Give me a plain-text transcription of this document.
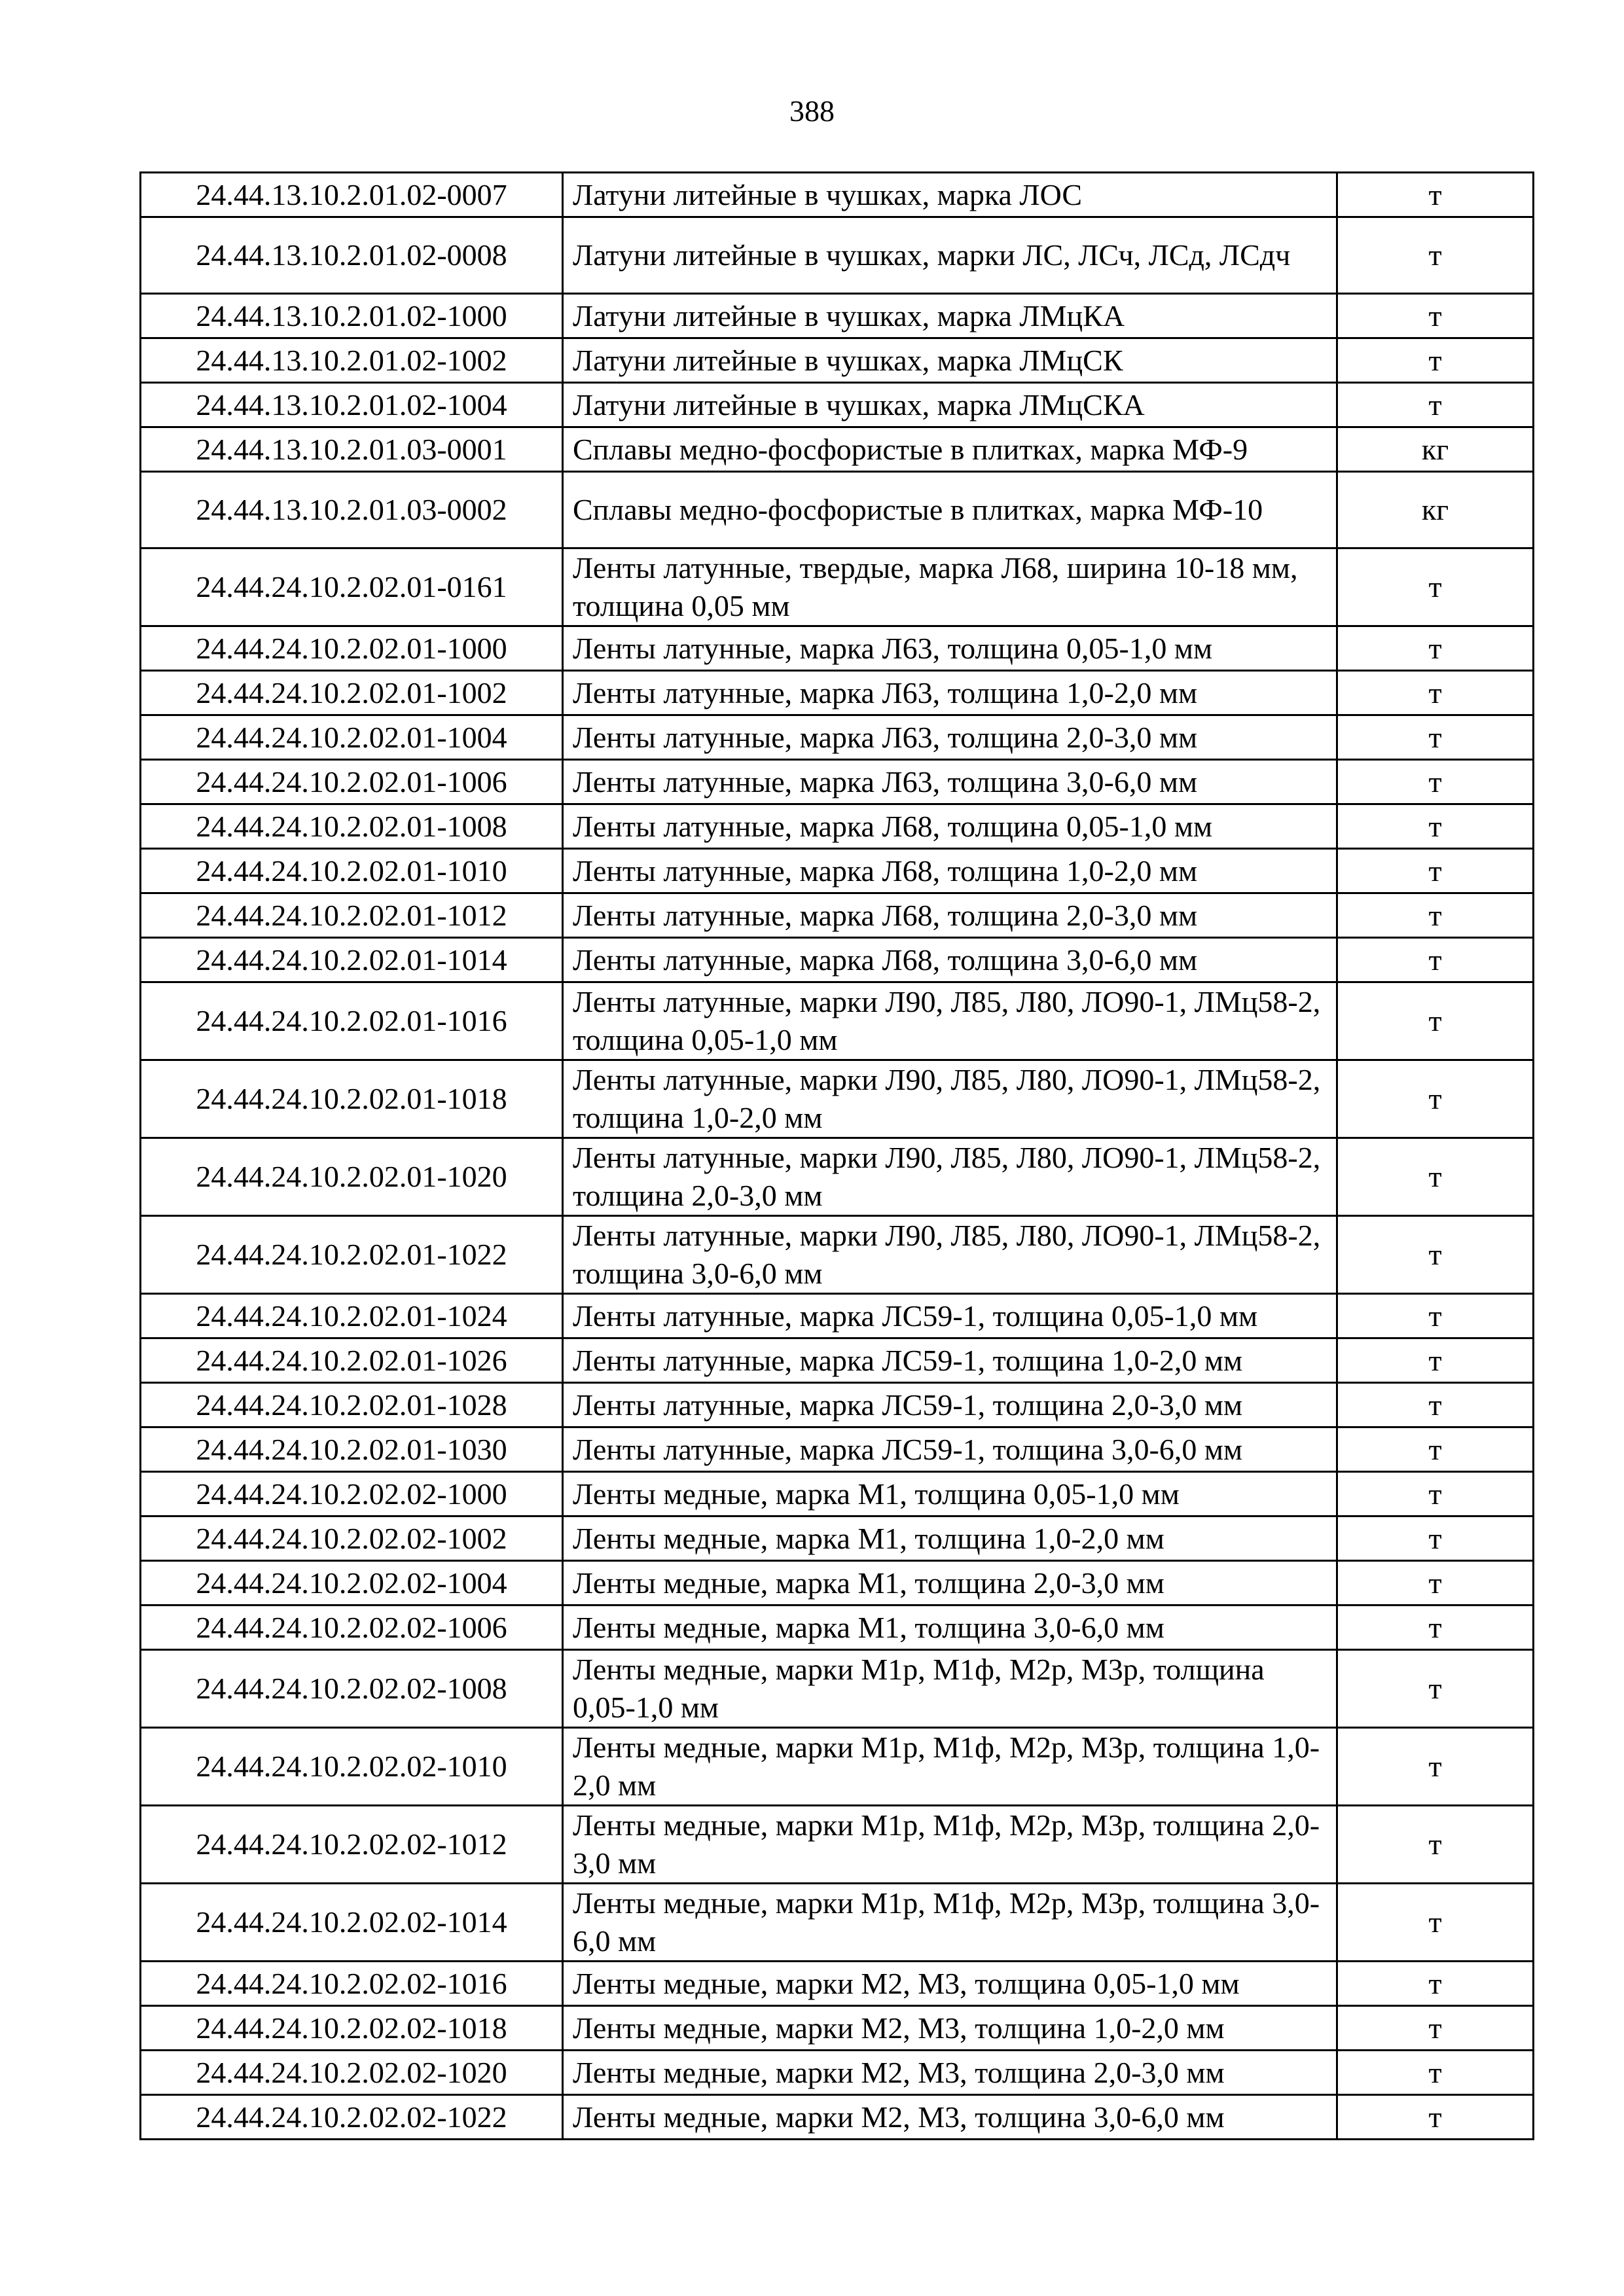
388
24.44.13.10.2.01.02-0007	Латуни литейные в чушках, марка ЛОС	т
24.44.13.10.2.01.02-0008	Латуни литейные в чушках, марки ЛС, ЛСч, ЛСд, ЛСдч	т
24.44.13.10.2.01.02-1000	Латуни литейные в чушках, марка ЛМцКА	т
24.44.13.10.2.01.02-1002	Латуни литейные в чушках, марка ЛМцСК	т
24.44.13.10.2.01.02-1004	Латуни литейные в чушках, марка ЛМцСКА	т
24.44.13.10.2.01.03-0001	Сплавы медно-фосфористые в плитках, марка МФ-9	кг
24.44.13.10.2.01.03-0002	Сплавы медно-фосфористые в плитках, марка МФ-10	кг
24.44.24.10.2.02.01-0161	Ленты латунные, твердые, марка Л68, ширина 10-18 мм, толщина 0,05 мм	т
24.44.24.10.2.02.01-1000	Ленты латунные, марка Л63, толщина 0,05-1,0 мм	т
24.44.24.10.2.02.01-1002	Ленты латунные, марка Л63, толщина 1,0-2,0 мм	т
24.44.24.10.2.02.01-1004	Ленты латунные, марка Л63, толщина 2,0-3,0 мм	т
24.44.24.10.2.02.01-1006	Ленты латунные, марка Л63, толщина 3,0-6,0 мм	т
24.44.24.10.2.02.01-1008	Ленты латунные, марка Л68, толщина 0,05-1,0 мм	т
24.44.24.10.2.02.01-1010	Ленты латунные, марка Л68, толщина 1,0-2,0 мм	т
24.44.24.10.2.02.01-1012	Ленты латунные, марка Л68, толщина 2,0-3,0 мм	т
24.44.24.10.2.02.01-1014	Ленты латунные, марка Л68, толщина 3,0-6,0 мм	т
24.44.24.10.2.02.01-1016	Ленты латунные, марки Л90, Л85, Л80, ЛО90-1, ЛМц58-2, толщина 0,05-1,0 мм	т
24.44.24.10.2.02.01-1018	Ленты латунные, марки Л90, Л85, Л80, ЛО90-1, ЛМц58-2, толщина 1,0-2,0 мм	т
24.44.24.10.2.02.01-1020	Ленты латунные, марки Л90, Л85, Л80, ЛО90-1, ЛМц58-2, толщина 2,0-3,0 мм	т
24.44.24.10.2.02.01-1022	Ленты латунные, марки Л90, Л85, Л80, ЛО90-1, ЛМц58-2, толщина 3,0-6,0 мм	т
24.44.24.10.2.02.01-1024	Ленты латунные, марка ЛС59-1, толщина 0,05-1,0 мм	т
24.44.24.10.2.02.01-1026	Ленты латунные, марка ЛС59-1, толщина 1,0-2,0 мм	т
24.44.24.10.2.02.01-1028	Ленты латунные, марка ЛС59-1, толщина 2,0-3,0 мм	т
24.44.24.10.2.02.01-1030	Ленты латунные, марка ЛС59-1, толщина 3,0-6,0 мм	т
24.44.24.10.2.02.02-1000	Ленты медные, марка М1, толщина 0,05-1,0 мм	т
24.44.24.10.2.02.02-1002	Ленты медные, марка М1, толщина 1,0-2,0 мм	т
24.44.24.10.2.02.02-1004	Ленты медные, марка М1, толщина 2,0-3,0 мм	т
24.44.24.10.2.02.02-1006	Ленты медные, марка М1, толщина 3,0-6,0 мм	т
24.44.24.10.2.02.02-1008	Ленты медные, марки М1р, М1ф, М2р, М3р, толщина 0,05-1,0 мм	т
24.44.24.10.2.02.02-1010	Ленты медные, марки М1р, М1ф, М2р, М3р, толщина 1,0-2,0 мм	т
24.44.24.10.2.02.02-1012	Ленты медные, марки М1р, М1ф, М2р, М3р, толщина 2,0-3,0 мм	т
24.44.24.10.2.02.02-1014	Ленты медные, марки М1р, М1ф, М2р, М3р, толщина 3,0-6,0 мм	т
24.44.24.10.2.02.02-1016	Ленты медные, марки М2, М3, толщина 0,05-1,0 мм	т
24.44.24.10.2.02.02-1018	Ленты медные, марки М2, М3, толщина 1,0-2,0 мм	т
24.44.24.10.2.02.02-1020	Ленты медные, марки М2, М3, толщина 2,0-3,0 мм	т
24.44.24.10.2.02.02-1022	Ленты медные, марки М2, М3, толщина 3,0-6,0 мм	т
